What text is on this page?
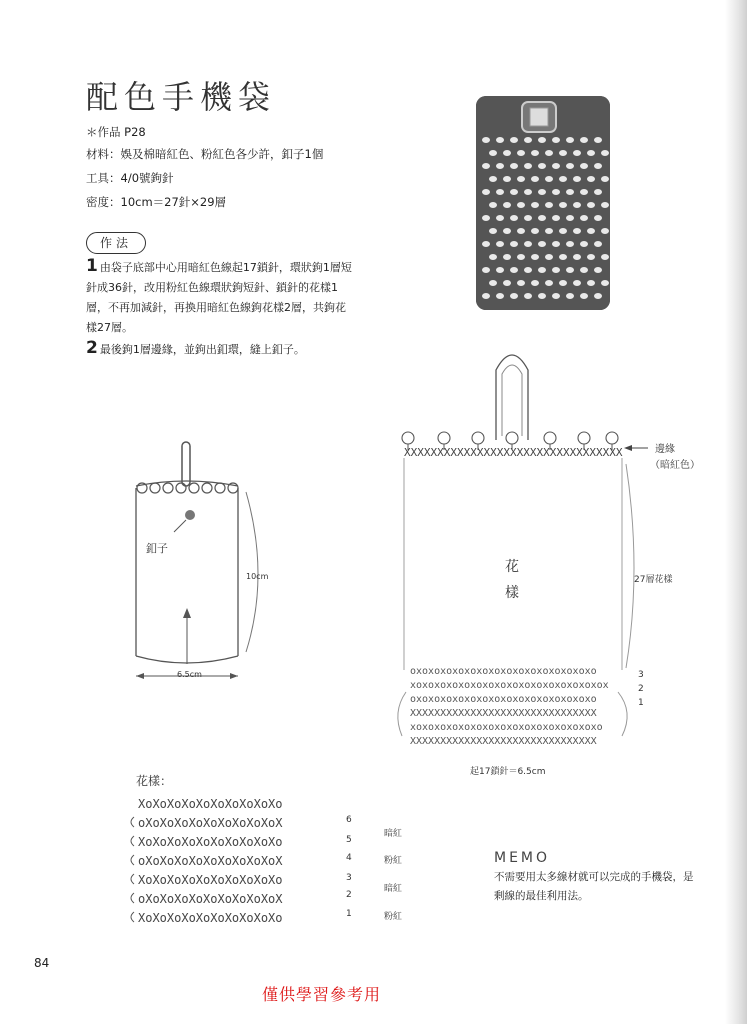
配色手機袋
＊作品 P28
材料：娛及棉暗紅色、粉紅色各少許，釦子1個
工具：4/0號鉤針
密度：10cm＝27針×29層
作法
1 由袋子底部中心用暗紅色線起17鎖針，環狀鉤1層短針成36針，改用粉紅色線環狀鉤短針、鎖針的花樣1層，不再加減針，再換用暗紅色線鉤花樣2層，共鉤花樣27層。
2 最後鉤1層邊緣，並鉤出釦環，縫上釦子。
釦子
10cm
6.5cm
XXXXXXXXXXXXXXXXXXXXXXXXXXXXXXXXX
oxoxoxoxoxoxoxoxoxoxoxoxoxoxoxo
xoxoxoxoxoxoxoxoxoxoxoxoxoxoxoxox
oxoxoxoxoxoxoxoxoxoxoxoxoxoxoxo
XXXXXXXXXXXXXXXXXXXXXXXXXXXXXXX
xoxoxoxoxoxoxoxoxoxoxoxoxoxoxoxo
XXXXXXXXXXXXXXXXXXXXXXXXXXXXXXX
邊緣
（暗紅色）
花
樣
27層花樣
3
2
1
起17鎖針＝6.5cm
花樣：
XoXoXoXoXoXoXoXoXoXo
oXoXoXoXoXoXoXoXoXoX
XoXoXoXoXoXoXoXoXoXo
oXoXoXoXoXoXoXoXoXoX
XoXoXoXoXoXoXoXoXoXo
oXoXoXoXoXoXoXoXoXoX
XoXoXoXoXoXoXoXoXoXo
6
5
4
3
2
1
暗紅
粉紅
暗紅
粉紅
MEMO
不需要用太多線材就可以完成的手機袋，是剩線的最佳利用法。
84
僅供學習參考用
